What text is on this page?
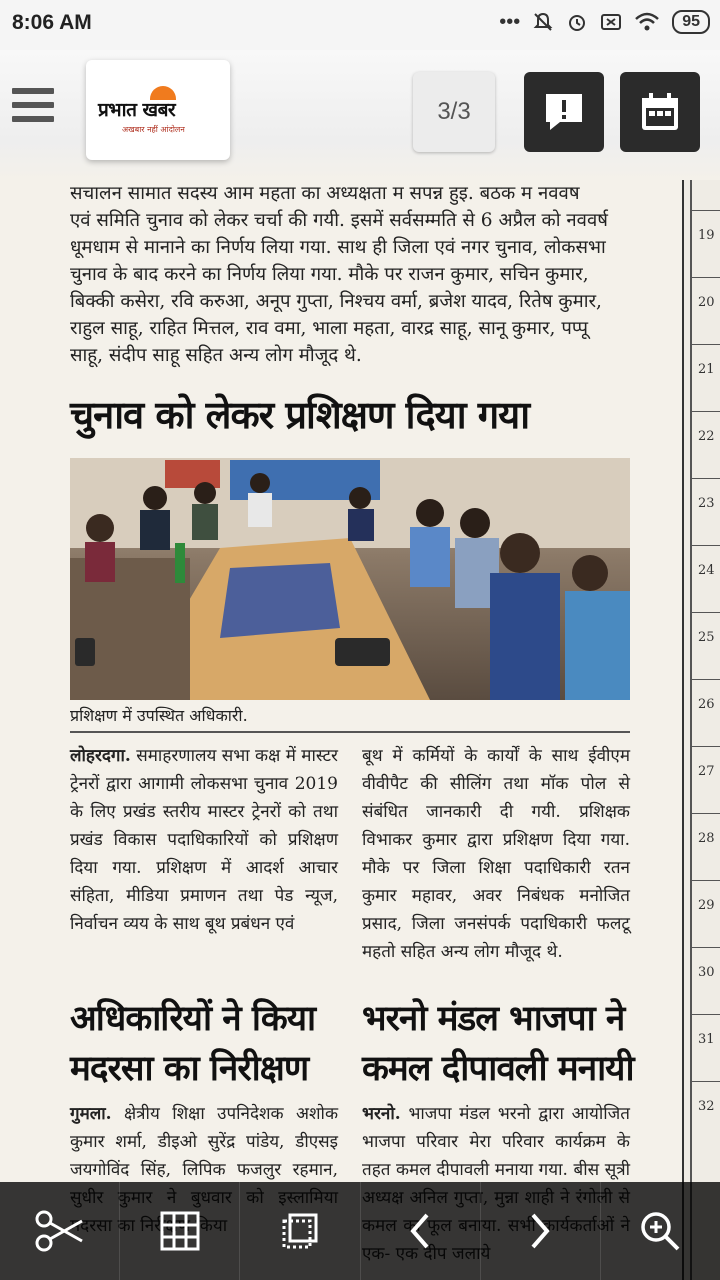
8:06 AM	•••	95
19
20
21
22
23
24
25
26
27
28
29
30
31
32
सचालन सामात सदस्य आम महता का अध्यक्षता म सपन्न हुइ. बठक म नववष
एवं समिति चुनाव को लेकर चर्चा की गयी. इसमें सर्वसम्मति से 6 अप्रैल को नववर्ष
धूमधाम से मानाने का निर्णय लिया गया. साथ ही जिला एवं नगर चुनाव, लोकसभा
चुनाव के बाद करने का निर्णय लिया गया. मौके पर राजन कुमार, सचिन कुमार,
बिक्की कसेरा, रवि करुआ, अनूप गुप्ता, निश्चय वर्मा, ब्रजेश यादव, रितेष कुमार,
राहुल साहू, राहित मित्तल, राव वमा, भाला महता, वारद्र साहू, सानू कुमार, पप्पू
साहू, संदीप साहू सहित अन्य लोग मौजूद थे.
चुनाव को लेकर प्रशिक्षण दिया गया
प्रशिक्षण में उपस्थित अधिकारी.
लोहरदगा. समाहरणालय सभा कक्ष में मास्टर ट्रेनरों द्वारा आगामी लोकसभा चुनाव 2019 के लिए प्रखंड स्तरीय मास्टर ट्रेनरों को तथा प्रखंड विकास पदाधिकारियों को प्रशिक्षण दिया गया. प्रशिक्षण में आदर्श आचार संहिता, मीडिया प्रमाणन तथा पेड न्यूज, निर्वाचन व्यय के साथ बूथ प्रबंधन एवं
बूथ में कर्मियों के कार्यों के साथ ईवीएम वीवीपैट की सीलिंग तथा मॉक पोल से संबंधित जानकारी दी गयी. प्रशिक्षक विभाकर कुमार द्वारा प्रशिक्षण दिया गया. मौके पर जिला शिक्षा पदाधिकारी रतन कुमार महावर, अवर निबंधक मनोजित प्रसाद, जिला जनसंपर्क पदाधिकारी फलटू महतो सहित अन्य लोग मौजूद थे.
अधिकारियों ने किया
मदरसा का निरीक्षण
भरनो मंडल भाजपा ने
कमल दीपावली मनायी
गुमला. क्षेत्रीय शिक्षा उपनिदेशक अशोक कुमार शर्मा, डीइओ सुरेंद्र पांडेय, डीएसइ जयगोविंद सिंह, लिपिक फजलुर रहमान,
भरनो. भाजपा मंडल भरनो द्वारा आयोजित भाजपा परिवार मेरा परिवार कार्यक्रम के तहत कमल दीपावली मनाया गया. बीस सूत्री
प्रभात खबर
अखबार नहीं आंदोलन
3/3
